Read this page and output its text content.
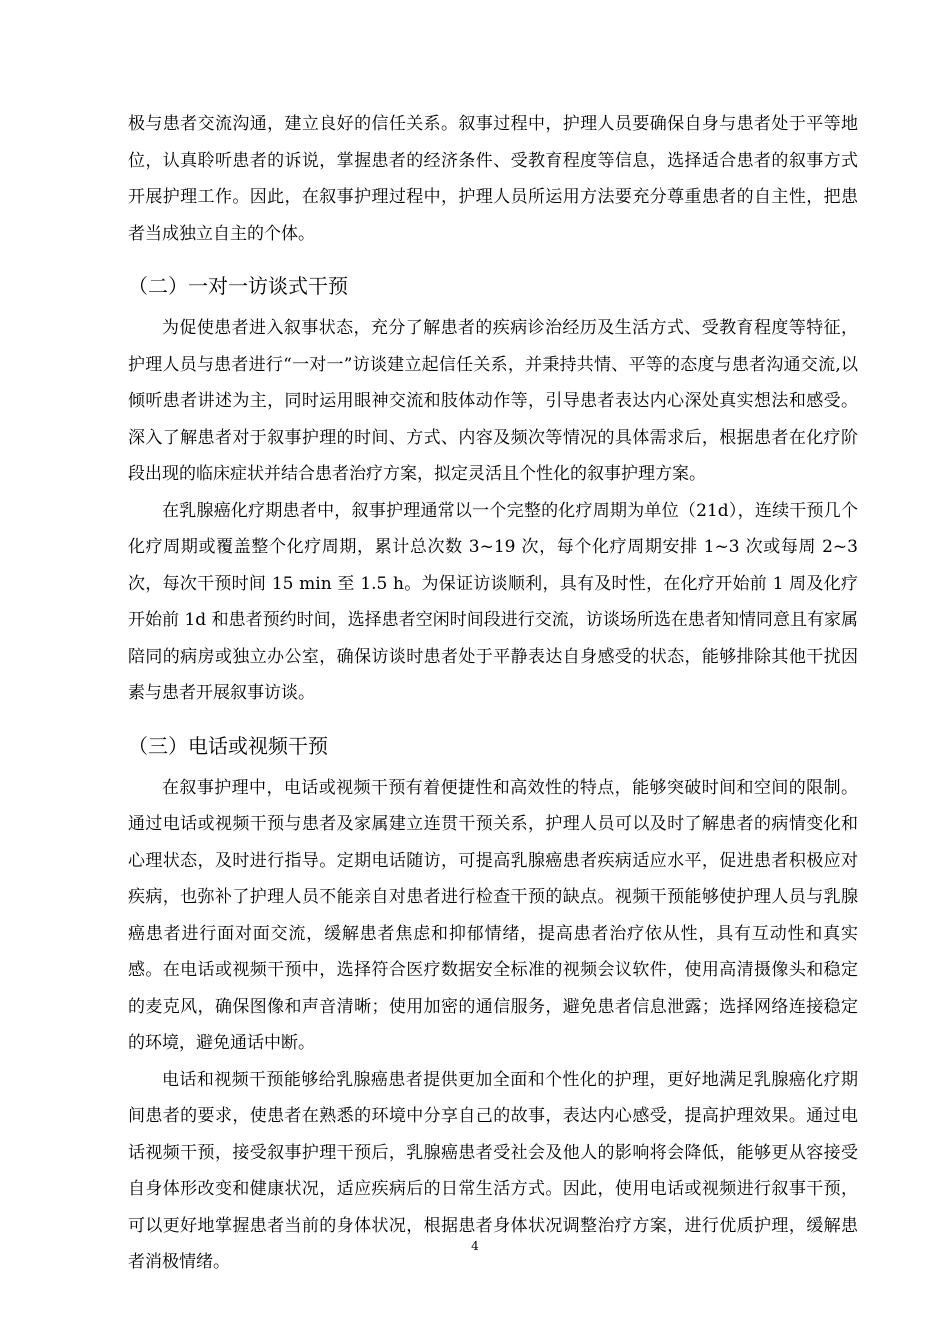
极与患者交流沟通，建立良好的信任关系。叙事过程中，护理人员要确保自身与患者处于平等地位，认真聆听患者的诉说，掌握患者的经济条件、受教育程度等信息，选择适合患者的叙事方式开展护理工作。因此，在叙事护理过程中，护理人员所运用方法要充分尊重患者的自主性，把患者当成独立自主的个体。

（二）一对一访谈式干预

为促使患者进入叙事状态，充分了解患者的疾病诊治经历及生活方式、受教育程度等特征，护理人员与患者进行“一对一”访谈建立起信任关系，并秉持共情、平等的态度与患者沟通交流,以倾听患者讲述为主，同时运用眼神交流和肢体动作等，引导患者表达内心深处真实想法和感受。深入了解患者对于叙事护理的时间、方式、内容及频次等情况的具体需求后，根据患者在化疗阶段出现的临床症状并结合患者治疗方案，拟定灵活且个性化的叙事护理方案。

在乳腺癌化疗期患者中，叙事护理通常以一个完整的化疗周期为单位（21d），连续干预几个化疗周期或覆盖整个化疗周期，累计总次数 3~19 次，每个化疗周期安排 1~3 次或每周 2~3 次，每次干预时间 15 min 至 1.5 h。为保证访谈顺利，具有及时性，在化疗开始前 1 周及化疗开始前 1d 和患者预约时间，选择患者空闲时间段进行交流，访谈场所选在患者知情同意且有家属陪同的病房或独立办公室，确保访谈时患者处于平静表达自身感受的状态，能够排除其他干扰因素与患者开展叙事访谈。

（三）电话或视频干预

在叙事护理中，电话或视频干预有着便捷性和高效性的特点，能够突破时间和空间的限制。通过电话或视频干预与患者及家属建立连贯干预关系，护理人员可以及时了解患者的病情变化和心理状态，及时进行指导。定期电话随访，可提高乳腺癌患者疾病适应水平，促进患者积极应对疾病，也弥补了护理人员不能亲自对患者进行检查干预的缺点。视频干预能够使护理人员与乳腺癌患者进行面对面交流，缓解患者焦虑和抑郁情绪，提高患者治疗依从性，具有互动性和真实感。在电话或视频干预中，选择符合医疗数据安全标准的视频会议软件，使用高清摄像头和稳定的麦克风，确保图像和声音清晰；使用加密的通信服务，避免患者信息泄露；选择网络连接稳定的环境，避免通话中断。

电话和视频干预能够给乳腺癌患者提供更加全面和个性化的护理，更好地满足乳腺癌化疗期间患者的要求，使患者在熟悉的环境中分享自己的故事，表达内心感受，提高护理效果。通过电话视频干预，接受叙事护理干预后，乳腺癌患者受社会及他人的影响将会降低，能够更从容接受自身体形改变和健康状况，适应疾病后的日常生活方式。因此，使用电话或视频进行叙事干预，可以更好地掌握患者当前的身体状况，根据患者身体状况调整治疗方案，进行优质护理，缓解患者消极情绪。

4
